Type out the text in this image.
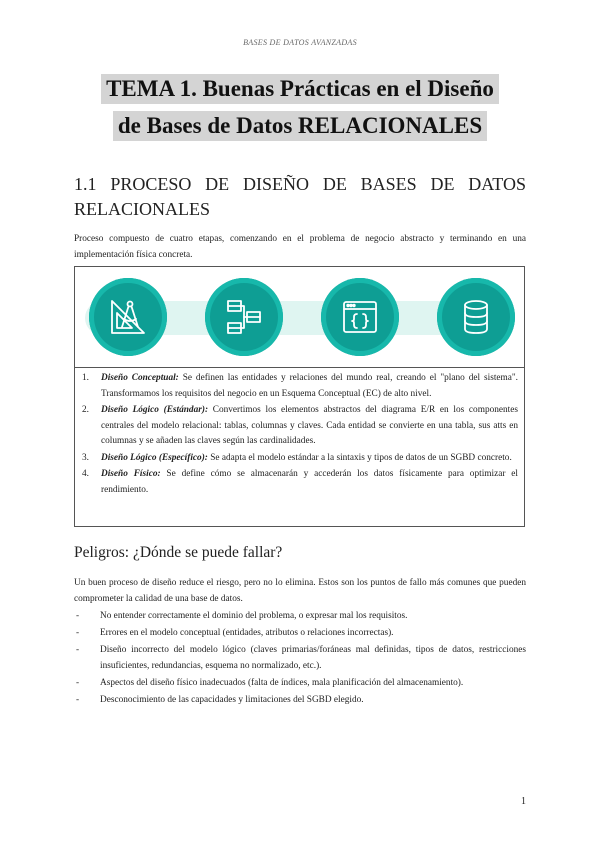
BASES DE DATOS AVANZADAS
TEMA 1. Buenas Prácticas en el Diseño
de Bases de Datos RELACIONALES
1.1 PROCESO DE DISEÑO DE BASES DE DATOS RELACIONALES
Proceso compuesto de cuatro etapas, comenzando en el problema de negocio abstracto y terminando en una implementación física concreta.
1. Diseño Conceptual: Se definen las entidades y relaciones del mundo real, creando el "plano del sistema". Transformamos los requisitos del negocio en un Esquema Conceptual (EC) de alto nivel.
2. Diseño Lógico (Estándar): Convertimos los elementos abstractos del diagrama E/R en los componentes centrales del modelo relacional: tablas, columnas y claves. Cada entidad se convierte en una tabla, sus atts en columnas y se añaden las claves según las cardinalidades.
3. Diseño Lógico (Específico): Se adapta el modelo estándar a la sintaxis y tipos de datos de un SGBD concreto.
4. Diseño Físico: Se define cómo se almacenarán y accederán los datos físicamente para optimizar el rendimiento.
Peligros: ¿Dónde se puede fallar?
Un buen proceso de diseño reduce el riesgo, pero no lo elimina. Estos son los puntos de fallo más comunes que pueden comprometer la calidad de una base de datos.
- No entender correctamente el dominio del problema, o expresar mal los requisitos.
- Errores en el modelo conceptual (entidades, atributos o relaciones incorrectas).
- Diseño incorrecto del modelo lógico (claves primarias/foráneas mal definidas, tipos de datos, restricciones insuficientes, redundancias, esquema no normalizado, etc.).
- Aspectos del diseño físico inadecuados (falta de índices, mala planificación del almacenamiento).
- Desconocimiento de las capacidades y limitaciones del SGBD elegido.
1
